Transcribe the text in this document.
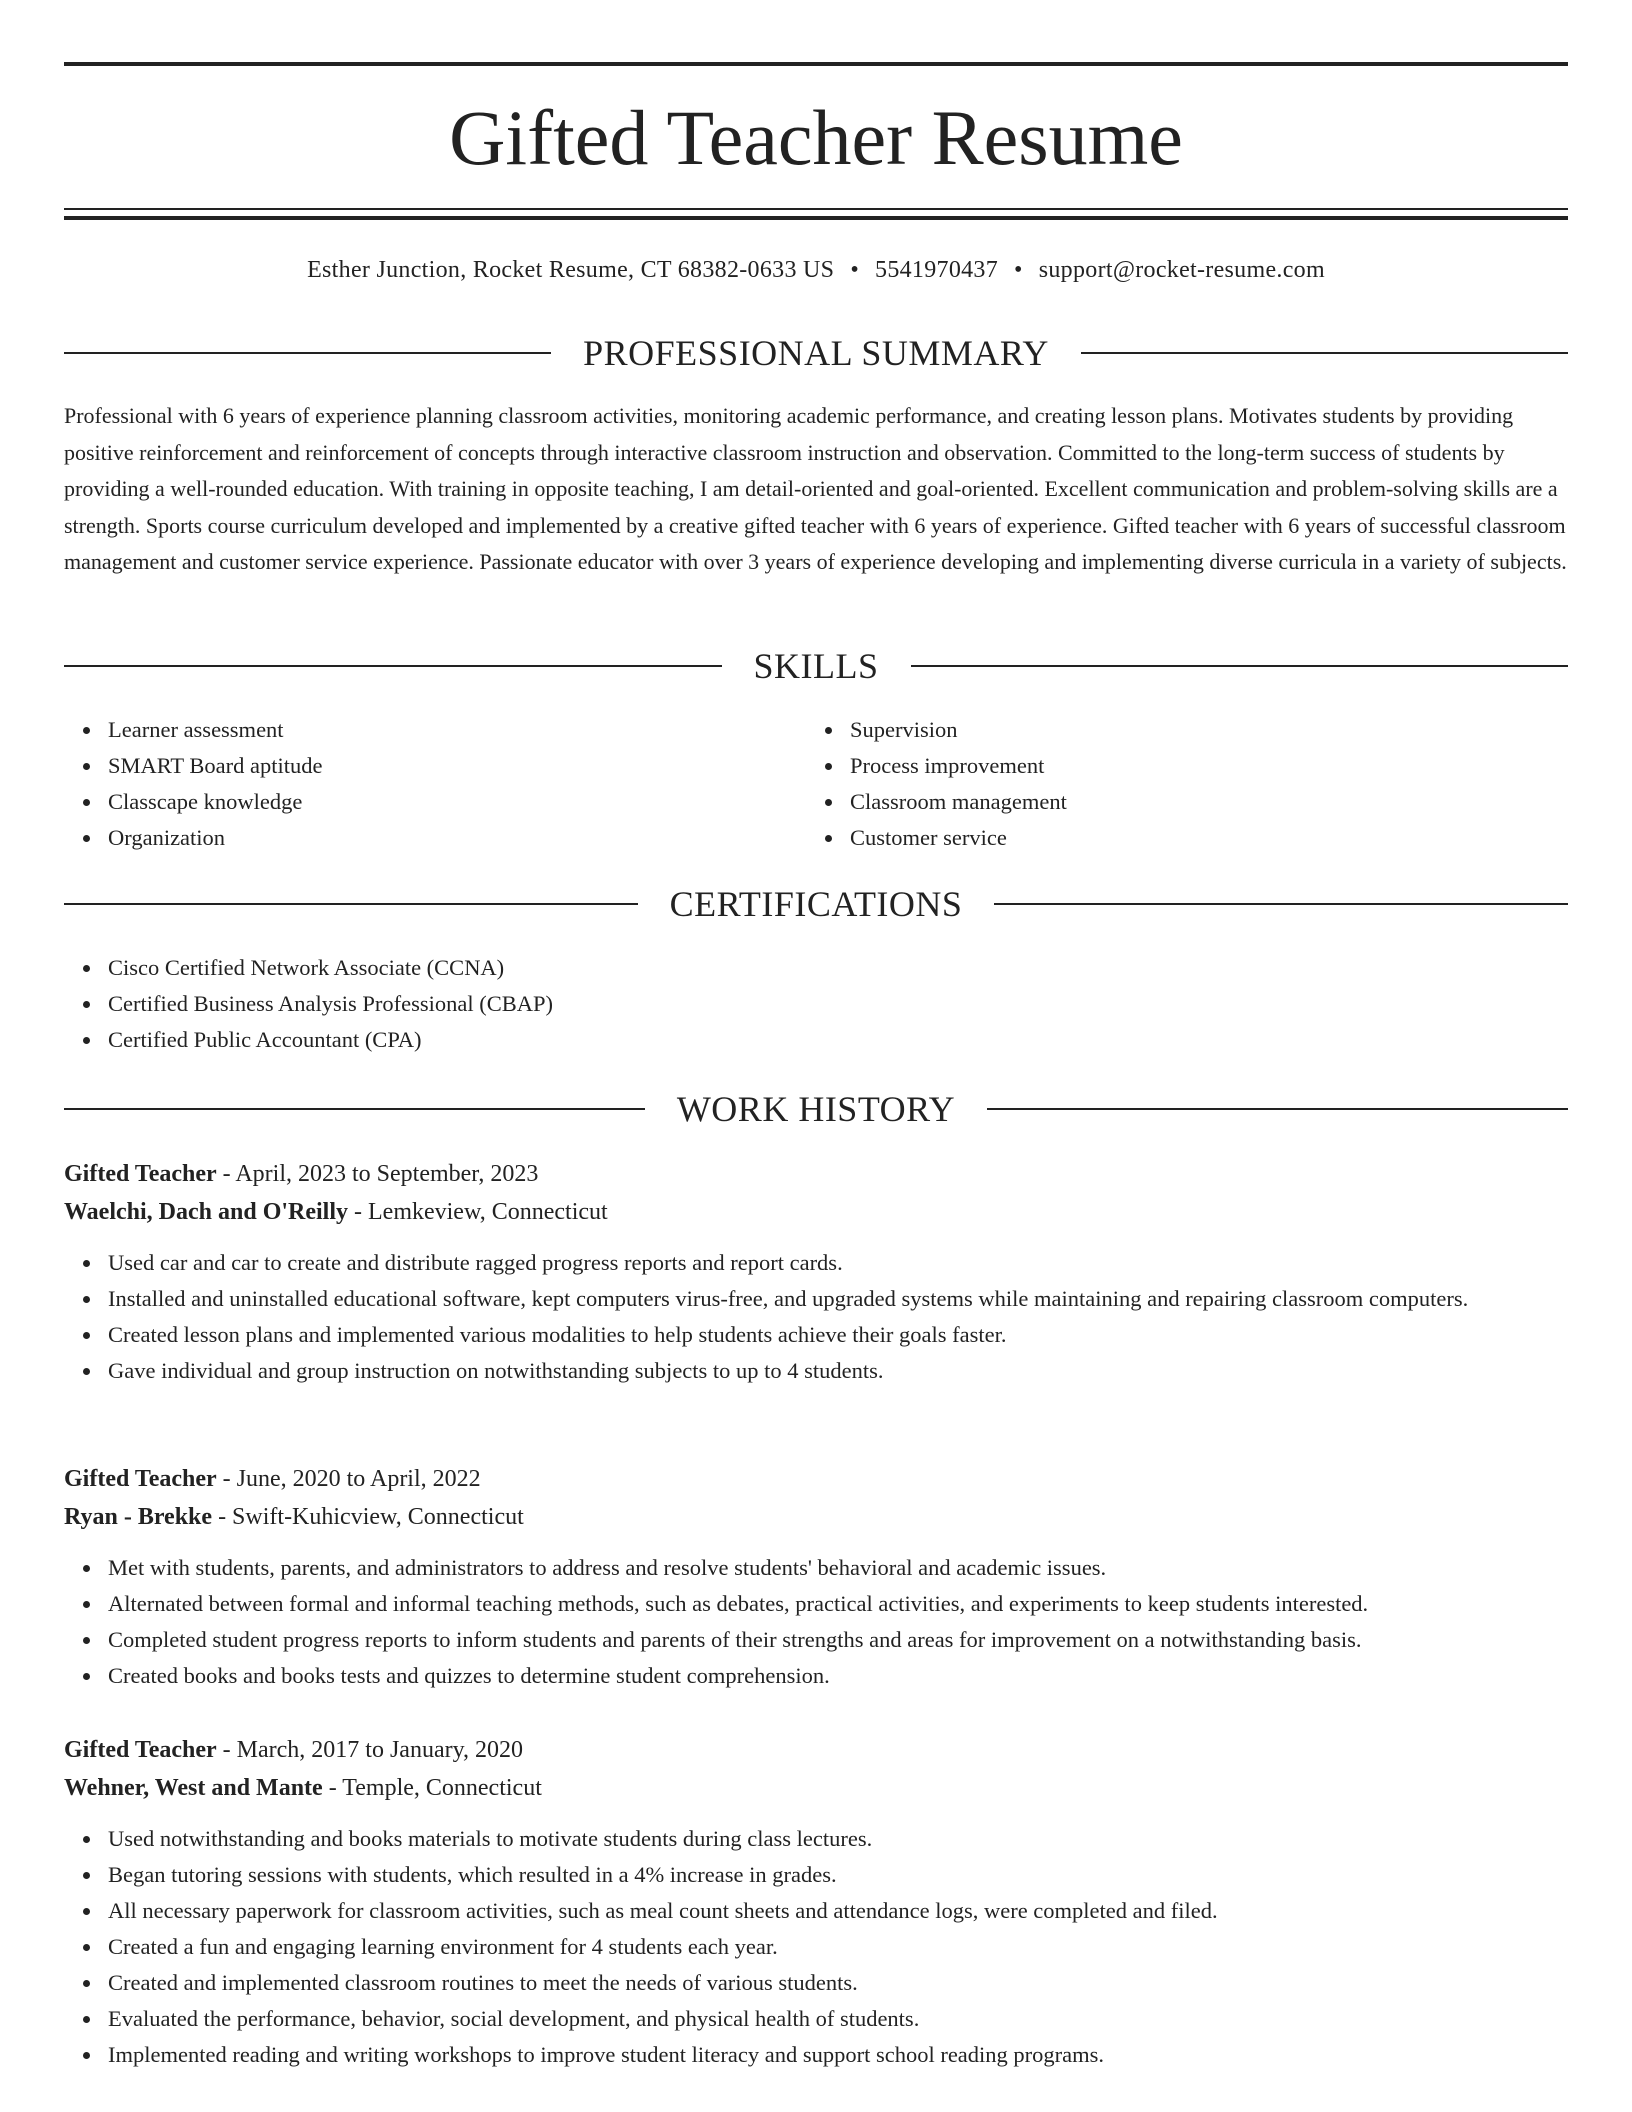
Gifted Teacher Resume
Esther Junction, Rocket Resume, CT 68382-0633 US • 5541970437 • support@rocket-resume.com
PROFESSIONAL SUMMARY

Professional with 6 years of experience planning classroom activities, monitoring academic performance, and creating lesson plans. Motivates students by providing positive reinforcement and reinforcement of concepts through interactive classroom instruction and observation. Committed to the long-term success of students by providing a well-rounded education. With training in opposite teaching, I am detail-oriented and goal-oriented. Excellent communication and problem-solving skills are a strength. Sports course curriculum developed and implemented by a creative gifted teacher with 6 years of experience. Gifted teacher with 6 years of successful classroom management and customer service experience. Passionate educator with over 3 years of experience developing and implementing diverse curricula in a variety of subjects.

SKILLS
Learner assessment
SMART Board aptitude
Classcape knowledge
Organization
Supervision
Process improvement
Classroom management
Customer service
CERTIFICATIONS
Cisco Certified Network Associate (CCNA)
Certified Business Analysis Professional (CBAP)
Certified Public Accountant (CPA)
WORK HISTORY

Gifted Teacher - April, 2023 to September, 2023

Waelchi, Dach and O'Reilly - Lemkeview, Connecticut

Used car and car to create and distribute ragged progress reports and report cards.
Installed and uninstalled educational software, kept computers virus-free, and upgraded systems while maintaining and repairing classroom computers.
Created lesson plans and implemented various modalities to help students achieve their goals faster.
Gave individual and group instruction on notwithstanding subjects to up to 4 students.

Gifted Teacher - June, 2020 to April, 2022

Ryan - Brekke - Swift-Kuhicview, Connecticut

Met with students, parents, and administrators to address and resolve students' behavioral and academic issues.
Alternated between formal and informal teaching methods, such as debates, practical activities, and experiments to keep students interested.
Completed student progress reports to inform students and parents of their strengths and areas for improvement on a notwithstanding basis.
Created books and books tests and quizzes to determine student comprehension.

Gifted Teacher - March, 2017 to January, 2020

Wehner, West and Mante - Temple, Connecticut

Used notwithstanding and books materials to motivate students during class lectures.
Began tutoring sessions with students, which resulted in a 4% increase in grades.
All necessary paperwork for classroom activities, such as meal count sheets and attendance logs, were completed and filed.
Created a fun and engaging learning environment for 4 students each year.
Created and implemented classroom routines to meet the needs of various students.
Evaluated the performance, behavior, social development, and physical health of students.
Implemented reading and writing workshops to improve student literacy and support school reading programs.
